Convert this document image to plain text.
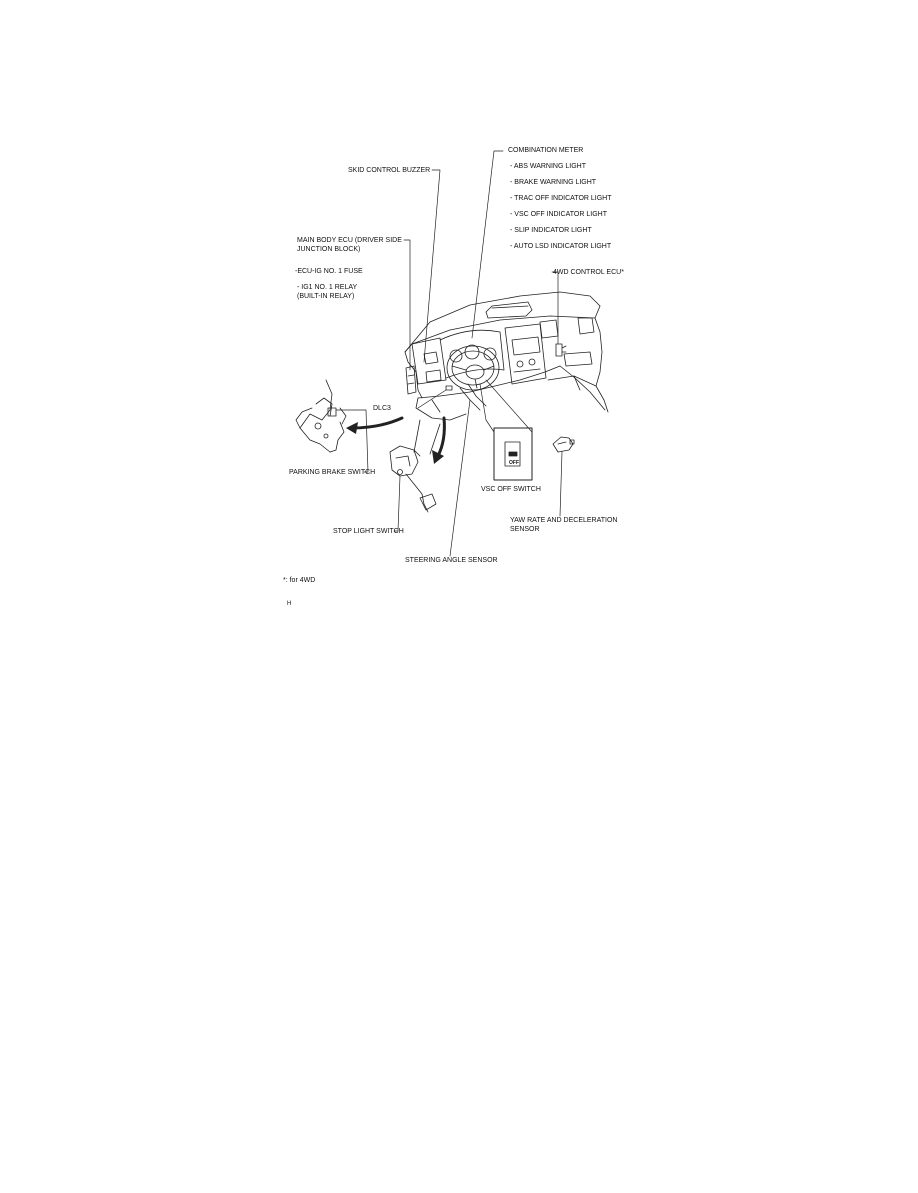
COMBINATION METER
- ABS WARNING LIGHT
- BRAKE WARNING LIGHT
- TRAC OFF INDICATOR LIGHT
- VSC OFF INDICATOR LIGHT
- SLIP INDICATOR LIGHT
- AUTO LSD INDICATOR LIGHT
SKID CONTROL BUZZER
MAIN BODY ECU (DRIVER SIDE
JUNCTION BLOCK)
-ECU-IG NO. 1 FUSE
- IG1 NO. 1 RELAY
(BUILT-IN RELAY)
4WD CONTROL ECU*
DLC3
PARKING BRAKE SWITCH
OFF
VSC OFF SWITCH
YAW RATE AND DECELERATION
SENSOR
STOP LIGHT SWITCH
STEERING ANGLE SENSOR
*: for 4WD
H
